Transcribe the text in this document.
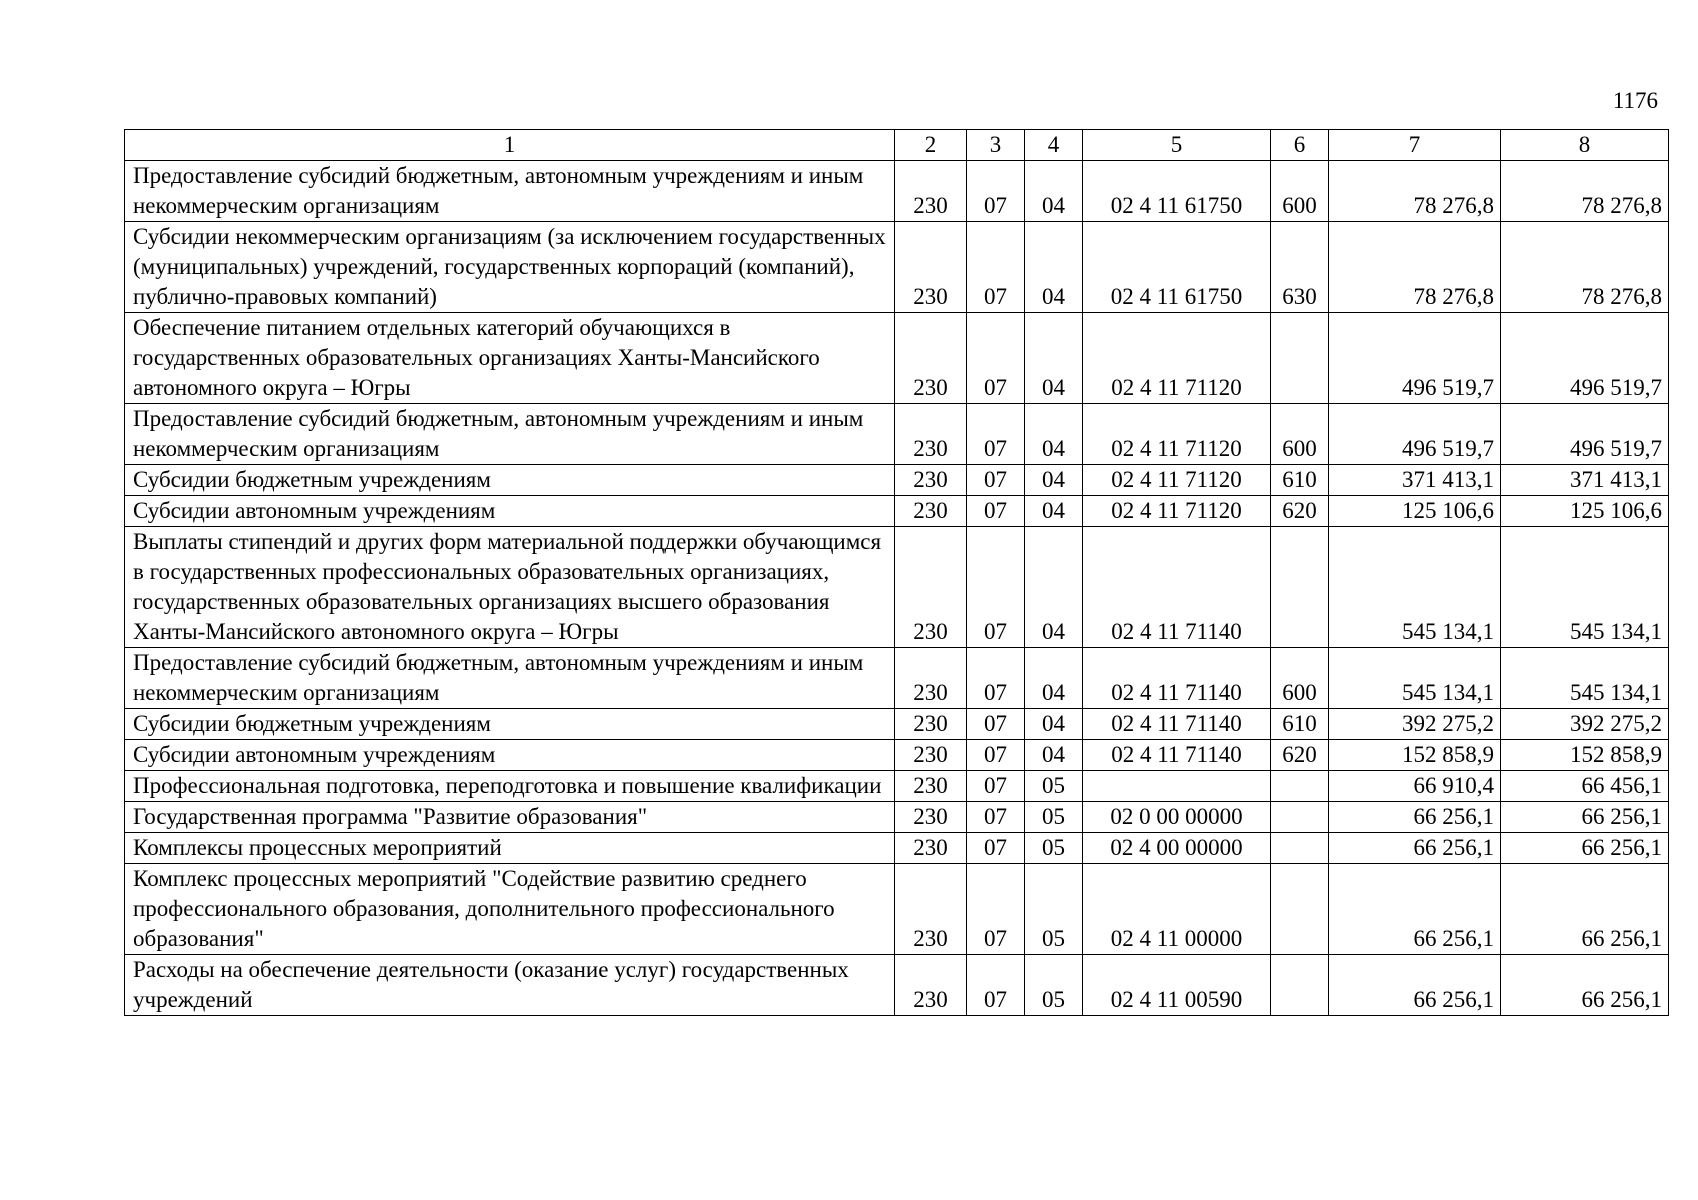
1176
1	2	3	4	5	6	7	8
Предоставление субсидий бюджетным, автономным учреждениям и иным некоммерческим организациям	230	07	04	02 4 11 61750	600	78 276,8	78 276,8
Субсидии некоммерческим организациям (за исключением государственных (муниципальных) учреждений, государственных корпораций (компаний), публично-правовых компаний)	230	07	04	02 4 11 61750	630	78 276,8	78 276,8
Обеспечение питанием отдельных категорий обучающихся в государственных образовательных организациях Ханты-Мансийского автономного округа – Югры	230	07	04	02 4 11 71120		496 519,7	496 519,7
Предоставление субсидий бюджетным, автономным учреждениям и иным некоммерческим организациям	230	07	04	02 4 11 71120	600	496 519,7	496 519,7
Субсидии бюджетным учреждениям	230	07	04	02 4 11 71120	610	371 413,1	371 413,1
Субсидии автономным учреждениям	230	07	04	02 4 11 71120	620	125 106,6	125 106,6
Выплаты стипендий и других форм материальной поддержки обучающимся в государственных профессиональных образовательных организациях, государственных образовательных организациях высшего образования Ханты-Мансийского автономного округа – Югры	230	07	04	02 4 11 71140		545 134,1	545 134,1
Предоставление субсидий бюджетным, автономным учреждениям и иным некоммерческим организациям	230	07	04	02 4 11 71140	600	545 134,1	545 134,1
Субсидии бюджетным учреждениям	230	07	04	02 4 11 71140	610	392 275,2	392 275,2
Субсидии автономным учреждениям	230	07	04	02 4 11 71140	620	152 858,9	152 858,9
Профессиональная подготовка, переподготовка и повышение квалификации	230	07	05			66 910,4	66 456,1
Государственная программа "Развитие образования"	230	07	05	02 0 00 00000		66 256,1	66 256,1
Комплексы процессных мероприятий	230	07	05	02 4 00 00000		66 256,1	66 256,1
Комплекс процессных мероприятий "Содействие развитию среднего профессионального образования, дополнительного профессионального образования"	230	07	05	02 4 11 00000		66 256,1	66 256,1
Расходы на обеспечение деятельности (оказание услуг) государственных учреждений	230	07	05	02 4 11 00590		66 256,1	66 256,1
